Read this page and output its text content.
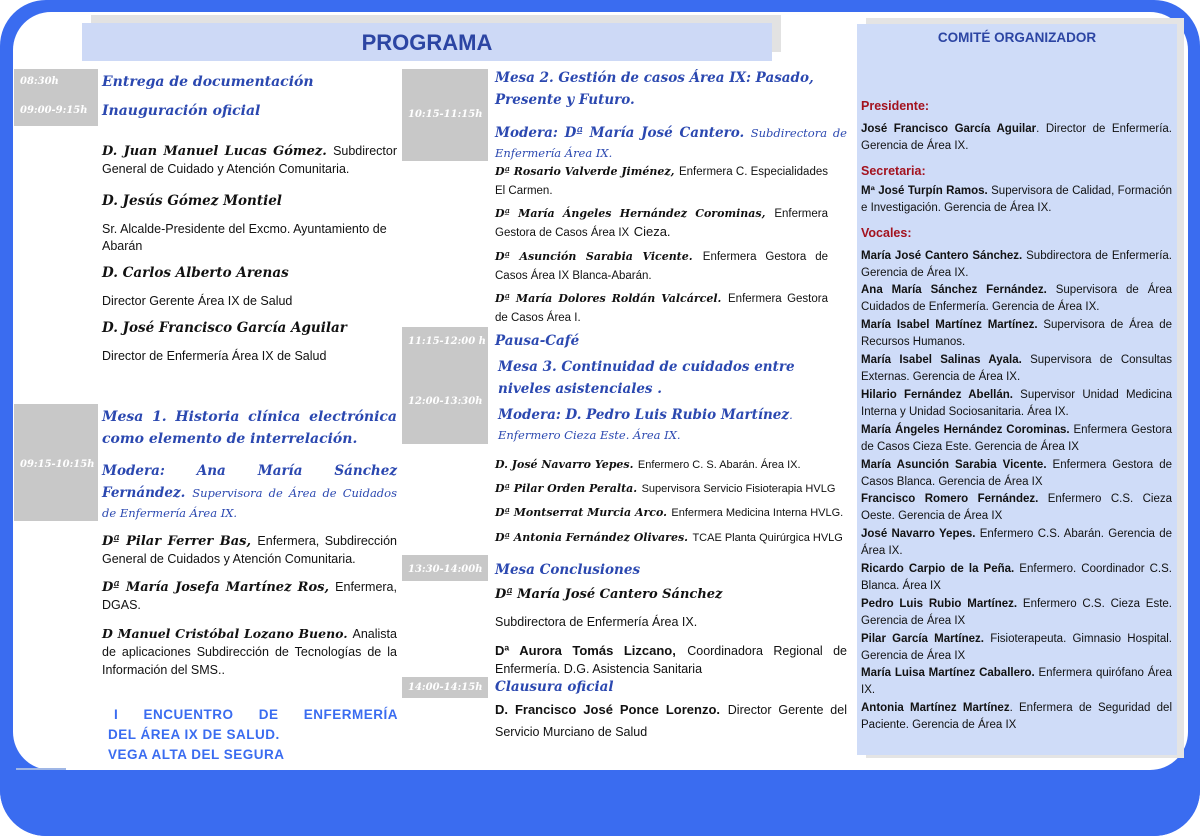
PROGRAMA
08:30h
09:00-9:15h
09:15-10:15h
Entrega de documentación
Inauguración oficial
D. Juan Manuel Lucas Gómez. Subdirector General de Cuidado y Atención Comunitaria.
D. Jesús Gómez Montiel
Sr. Alcalde-Presidente del Excmo. Ayuntamiento de Abarán
D. Carlos Alberto Arenas
Director Gerente Área IX de Salud
D. José Francisco García Aguilar
Director de Enfermería Área IX de Salud
Mesa 1. Historia clínica electrónica como elemento de interrelación.
Modera: Ana María Sánchez Fernández. Supervisora de Área de Cuidados de Enfermería Área IX.
Dª Pilar Ferrer Bas, Enfermera, Subdirección General de Cuidados y Atención Comunitaria.
Dª María Josefa Martínez Ros, Enfermera, DGAS.
D Manuel Cristóbal Lozano Bueno. Analista de aplicaciones Subdirección de Tecnologías de la Información del SMS..
I ENCUENTRO DE ENFERMERÍA
DEL ÁREA IX DE SALUD.
VEGA ALTA DEL SEGURA
10:15-11:15h
11:15-12:00 h
12:00-13:30h
13:30-14:00h
14:00-14:15h
Mesa 2. Gestión de casos Área IX: Pasado, Presente y Futuro.
Modera: Dª María José Cantero. Subdirectora de Enfermería Área IX.
Dª Rosario Valverde Jiménez, Enfermera C. Especialidades El Carmen.
Dª María Ángeles Hernández Corominas, Enfermera Gestora de Casos Área IX Cieza.
Dª Asunción Sarabia Vicente. Enfermera Gestora de Casos Área IX Blanca-Abarán.
Dª María Dolores Roldán Valcárcel. Enfermera Gestora de Casos Área I.
Pausa-Café
Mesa 3. Continuidad de cuidados entre niveles asistenciales .
Modera: D. Pedro Luis Rubio Martínez. Enfermero Cieza Este. Área IX.
D. José Navarro Yepes. Enfermero C. S. Abarán. Área IX.
Dª Pilar Orden Peralta. Supervisora Servicio Fisioterapia HVLG
Dª Montserrat Murcia Arco. Enfermera Medicina Interna HVLG.
Dª Antonia Fernández Olivares. TCAE Planta Quirúrgica HVLG
Mesa Conclusiones
Dª María José Cantero Sánchez
Subdirectora de Enfermería Área IX.
Dª Aurora Tomás Lizcano, Coordinadora Regional de Enfermería. D.G. Asistencia Sanitaria
Clausura oficial
D. Francisco José Ponce Lorenzo. Director Gerente del Servicio Murciano de Salud
COMITÉ ORGANIZADOR
Presidente:
José Francisco García Aguilar. Director de Enfermería. Gerencia de Área IX.
Secretaria:
Mª José Turpín Ramos. Supervisora de Calidad, Formación e Investigación. Gerencia de Área IX.
Vocales:
María José Cantero Sánchez. Subdirectora de Enfermería. Gerencia de Área IX.
Ana María Sánchez Fernández. Supervisora de Área Cuidados de Enfermería. Gerencia de Área IX.
María Isabel Martínez Martínez. Supervisora de Área de Recursos Humanos.
María Isabel Salinas Ayala. Supervisora de Consultas Externas. Gerencia de Área IX.
Hilario Fernández Abellán. Supervisor Unidad Medicina Interna y Unidad Sociosanitaria. Área IX.
María Ángeles Hernández Corominas. Enfermera Gestora de Casos Cieza Este. Gerencia de Área IX
María Asunción Sarabia Vicente. Enfermera Gestora de Casos Blanca. Gerencia de Área IX
Francisco Romero Fernández. Enfermero C.S. Cieza Oeste. Gerencia de Área IX
José Navarro Yepes. Enfermero C.S. Abarán. Gerencia de Área IX.
Ricardo Carpio de la Peña. Enfermero. Coordinador C.S. Blanca. Área IX
Pedro Luis Rubio Martínez. Enfermero C.S. Cieza Este. Gerencia de Área IX
Pilar García Martínez. Fisioterapeuta. Gimnasio Hospital. Gerencia de Área IX
María Luisa Martínez Caballero. Enfermera quirófano Área IX.
Antonia Martínez Martínez. Enfermera de Seguridad del Paciente. Gerencia de Área IX
